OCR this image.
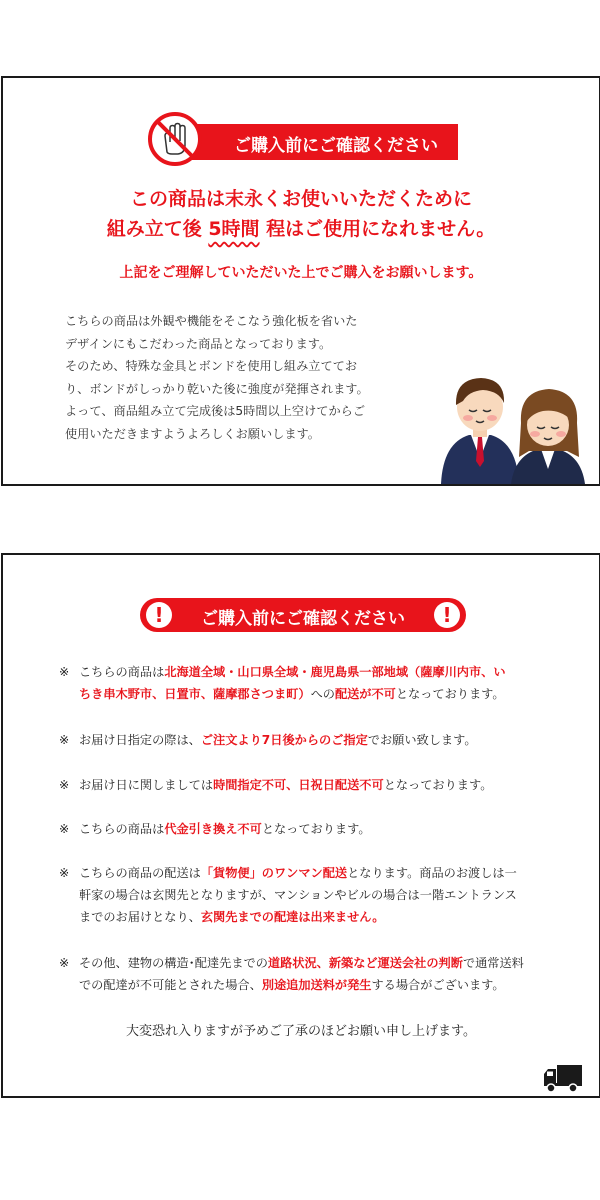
ご購入前にご確認ください
この商品は末永くお使いいただくために
組み立て後 5時間 程はご使用になれません。
上記をご理解していただいた上でご購入をお願いします。
こちらの商品は外観や機能をそこなう強化板を省いた
デザインにもこだわった商品となっております。
そのため、特殊な金具とボンドを使用し組み立ててお
り、ボンドがしっかり乾いた後に強度が発揮されます。
よって、商品組み立て完成後は5時間以上空けてからご
使用いただきますようよろしくお願いします。
!	ご購入前にご確認ください	!
※ こちらの商品は北海道全域・山口県全域・鹿児島県一部地域（薩摩川内市、い
ちき串木野市、日置市、薩摩郡さつま町）への配送が不可となっております。
※ お届け日指定の際は、ご注文より7日後からのご指定でお願い致します。
※ お届け日に関しましては時間指定不可、日祝日配送不可となっております。
※ こちらの商品は代金引き換え不可となっております。
※ こちらの商品の配送は「貨物便」のワンマン配送となります。商品のお渡しは一
軒家の場合は玄関先となりますが、マンションやビルの場合は一階エントランス
までのお届けとなり、玄関先までの配達は出来ません。
※ その他、建物の構造･配達先までの道路状況、新築など運送会社の判断で通常送料
での配達が不可能とされた場合、別途追加送料が発生する場合がございます。
大変恐れ入りますが予めご了承のほどお願い申し上げます。
